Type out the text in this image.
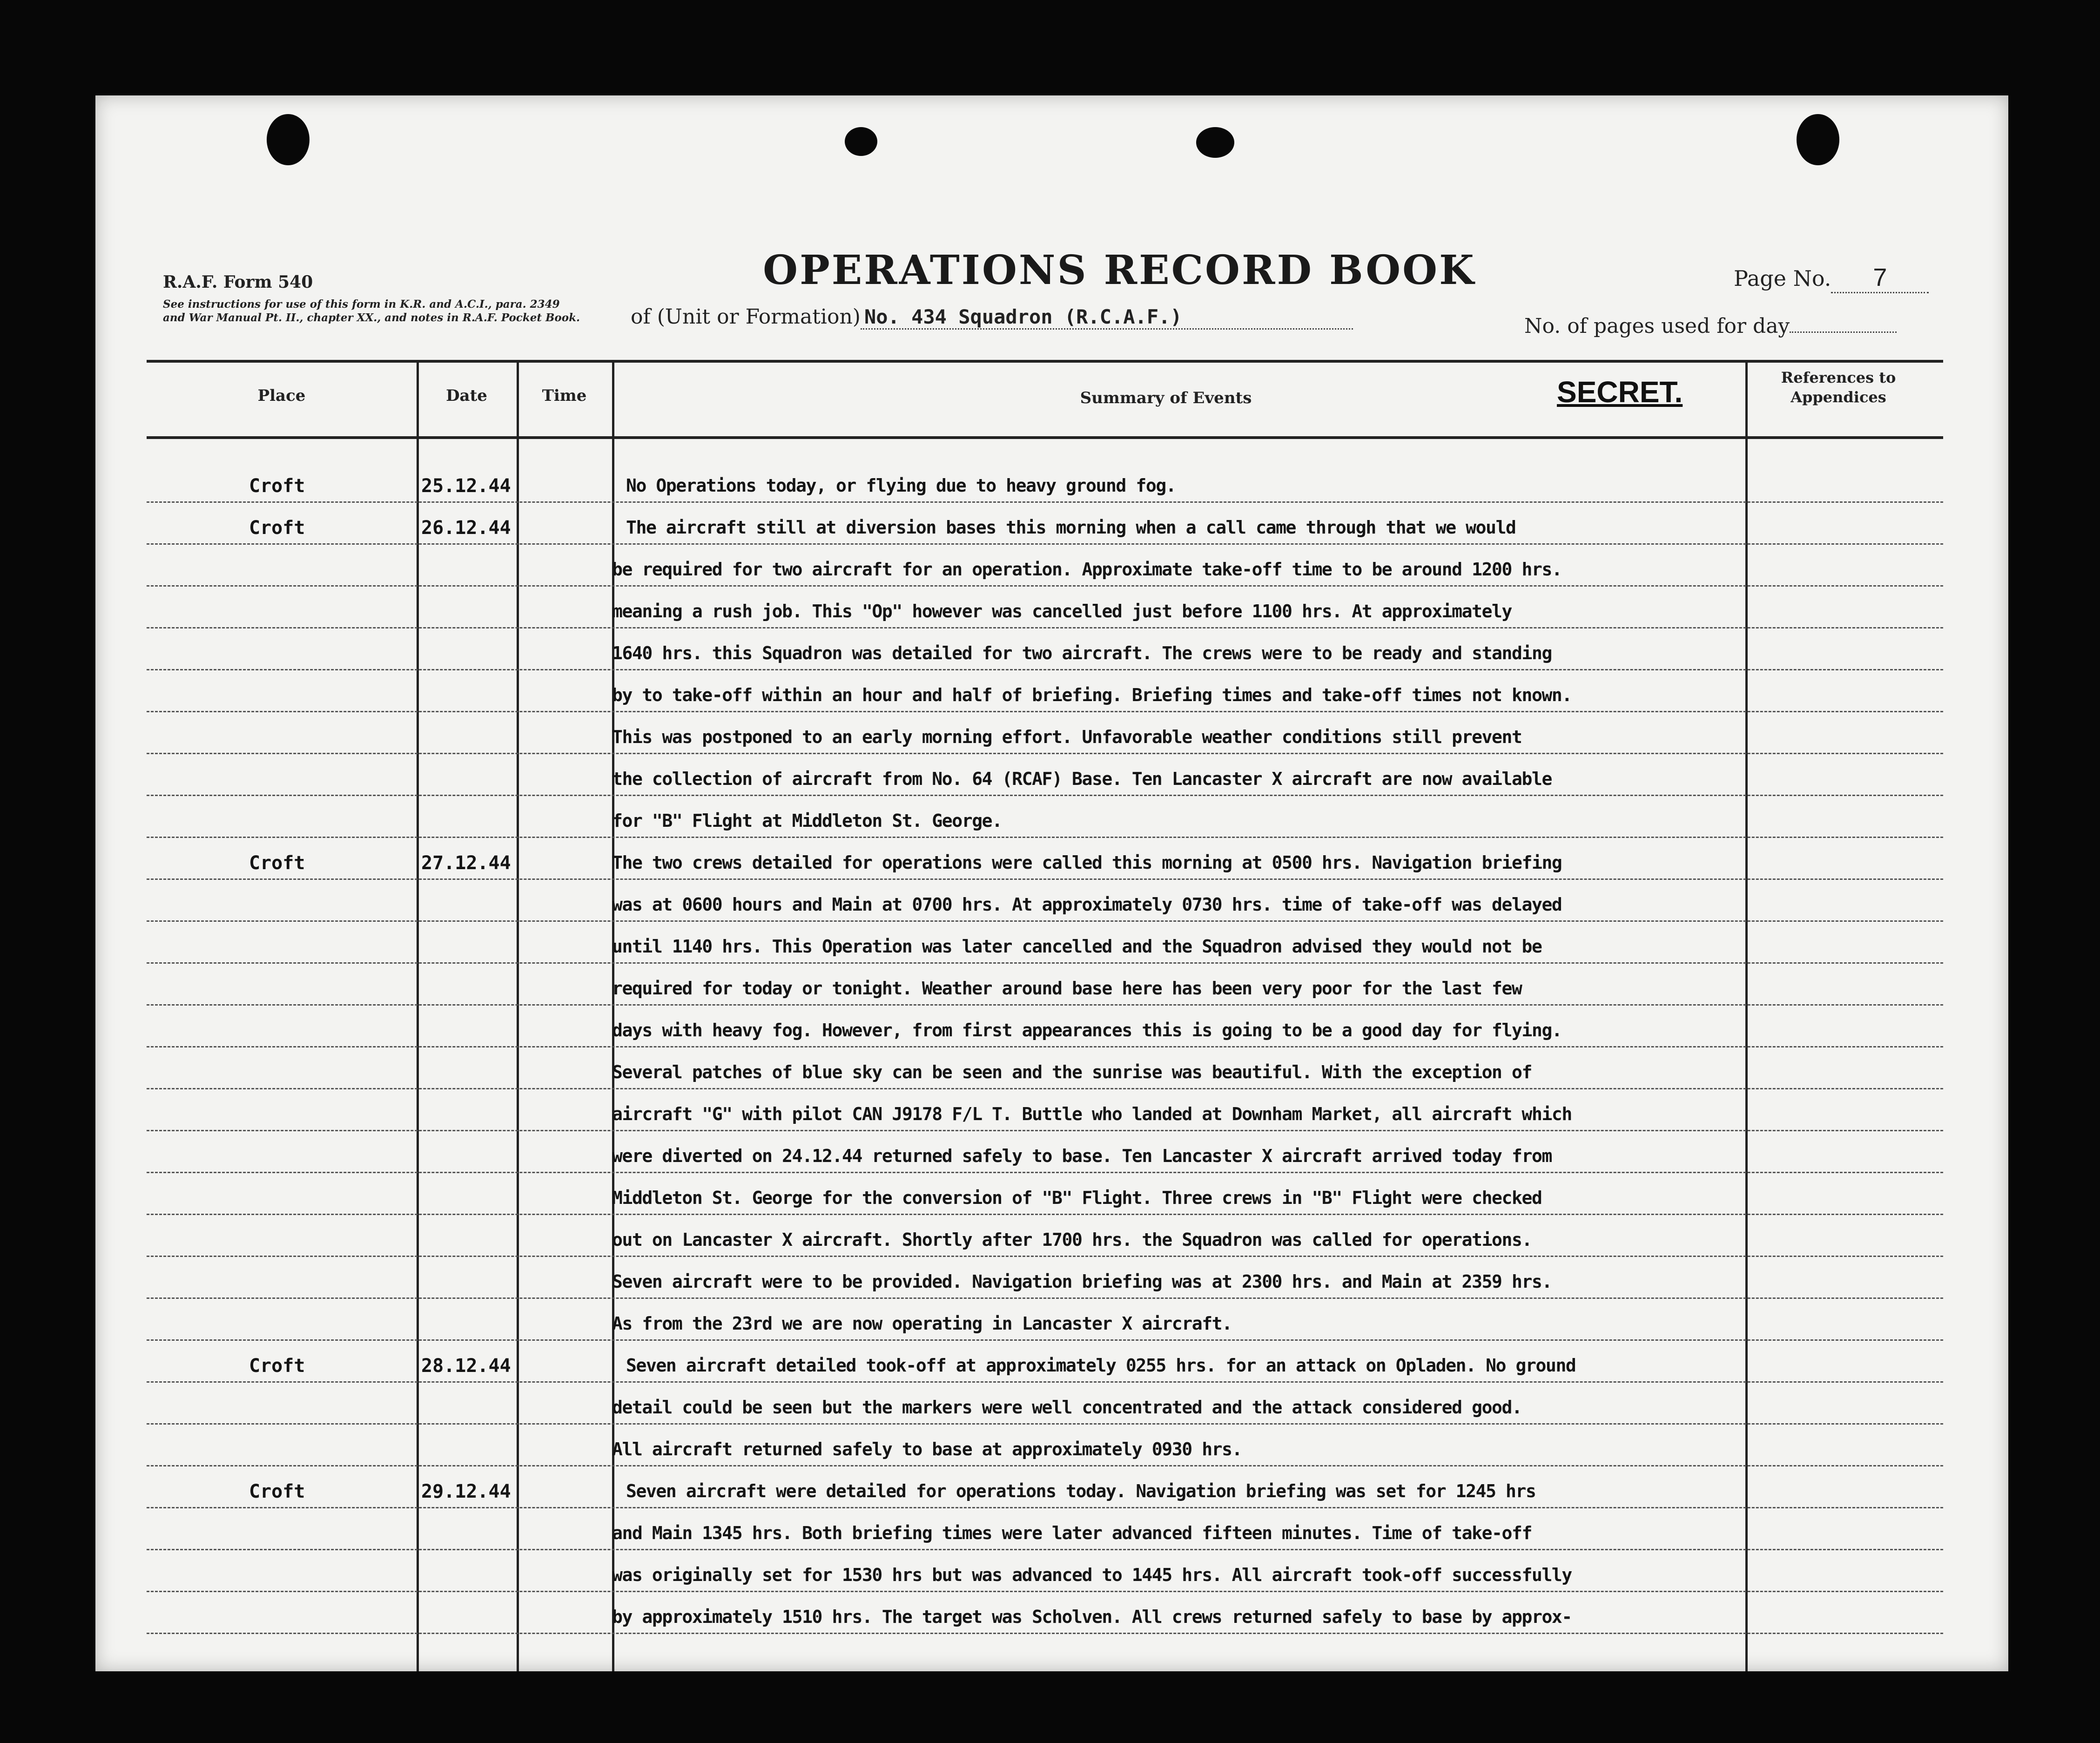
R.A.F. Form 540
See instructions for use of this form in K.R. and A.C.I., para. 2349 and War Manual Pt. II., chapter XX., and notes in R.A.F. Pocket Book.
OPERATIONS RECORD BOOK	Page No. 7
of (Unit or Formation) No. 434 Squadron (R.C.A.F.)	No. of pages used for day
Place	Date	Time	Summary of Events	SECRET.	References to Appendices
Croft	25.12.44	No Operations today, or flying due to heavy ground fog.
Croft	26.12.44	The aircraft still at diversion bases this morning when a call came through that we would
be required for two aircraft for an operation. Approximate take-off time to be around 1200 hrs.
meaning a rush job. This "Op" however was cancelled just before 1100 hrs. At approximately
1640 hrs. this Squadron was detailed for two aircraft. The crews were to be ready and standing
by to take-off within an hour and half of briefing. Briefing times and take-off times not known.
This was postponed to an early morning effort. Unfavorable weather conditions still prevent
the collection of aircraft from No. 64 (RCAF) Base. Ten Lancaster X aircraft are now available
for "B" Flight at Middleton St. George.
Croft	27.12.44	The two crews detailed for operations were called this morning at 0500 hrs. Navigation briefing
was at 0600 hours and Main at 0700 hrs. At approximately 0730 hrs. time of take-off was delayed
until 1140 hrs. This Operation was later cancelled and the Squadron advised they would not be
required for today or tonight. Weather around base here has been very poor for the last few
days with heavy fog. However, from first appearances this is going to be a good day for flying.
Several patches of blue sky can be seen and the sunrise was beautiful. With the exception of
aircraft "G" with pilot CAN J9178 F/L T. Buttle who landed at Downham Market, all aircraft which
were diverted on 24.12.44 returned safely to base. Ten Lancaster X aircraft arrived today from
Middleton St. George for the conversion of "B" Flight. Three crews in "B" Flight were checked
out on Lancaster X aircraft. Shortly after 1700 hrs. the Squadron was called for operations.
Seven aircraft were to be provided. Navigation briefing was at 2300 hrs. and Main at 2359 hrs.
As from the 23rd we are now operating in Lancaster X aircraft.
Croft	28.12.44	Seven aircraft detailed took-off at approximately 0255 hrs. for an attack on Opladen. No ground
detail could be seen but the markers were well concentrated and the attack considered good.
All aircraft returned safely to base at approximately 0930 hrs.
Croft	29.12.44	Seven aircraft were detailed for operations today. Navigation briefing was set for 1245 hrs
and Main 1345 hrs. Both briefing times were later advanced fifteen minutes. Time of take-off
was originally set for 1530 hrs but was advanced to 1445 hrs. All aircraft took-off successfully
by approximately 1510 hrs. The target was Scholven. All crews returned safely to base by approx-
